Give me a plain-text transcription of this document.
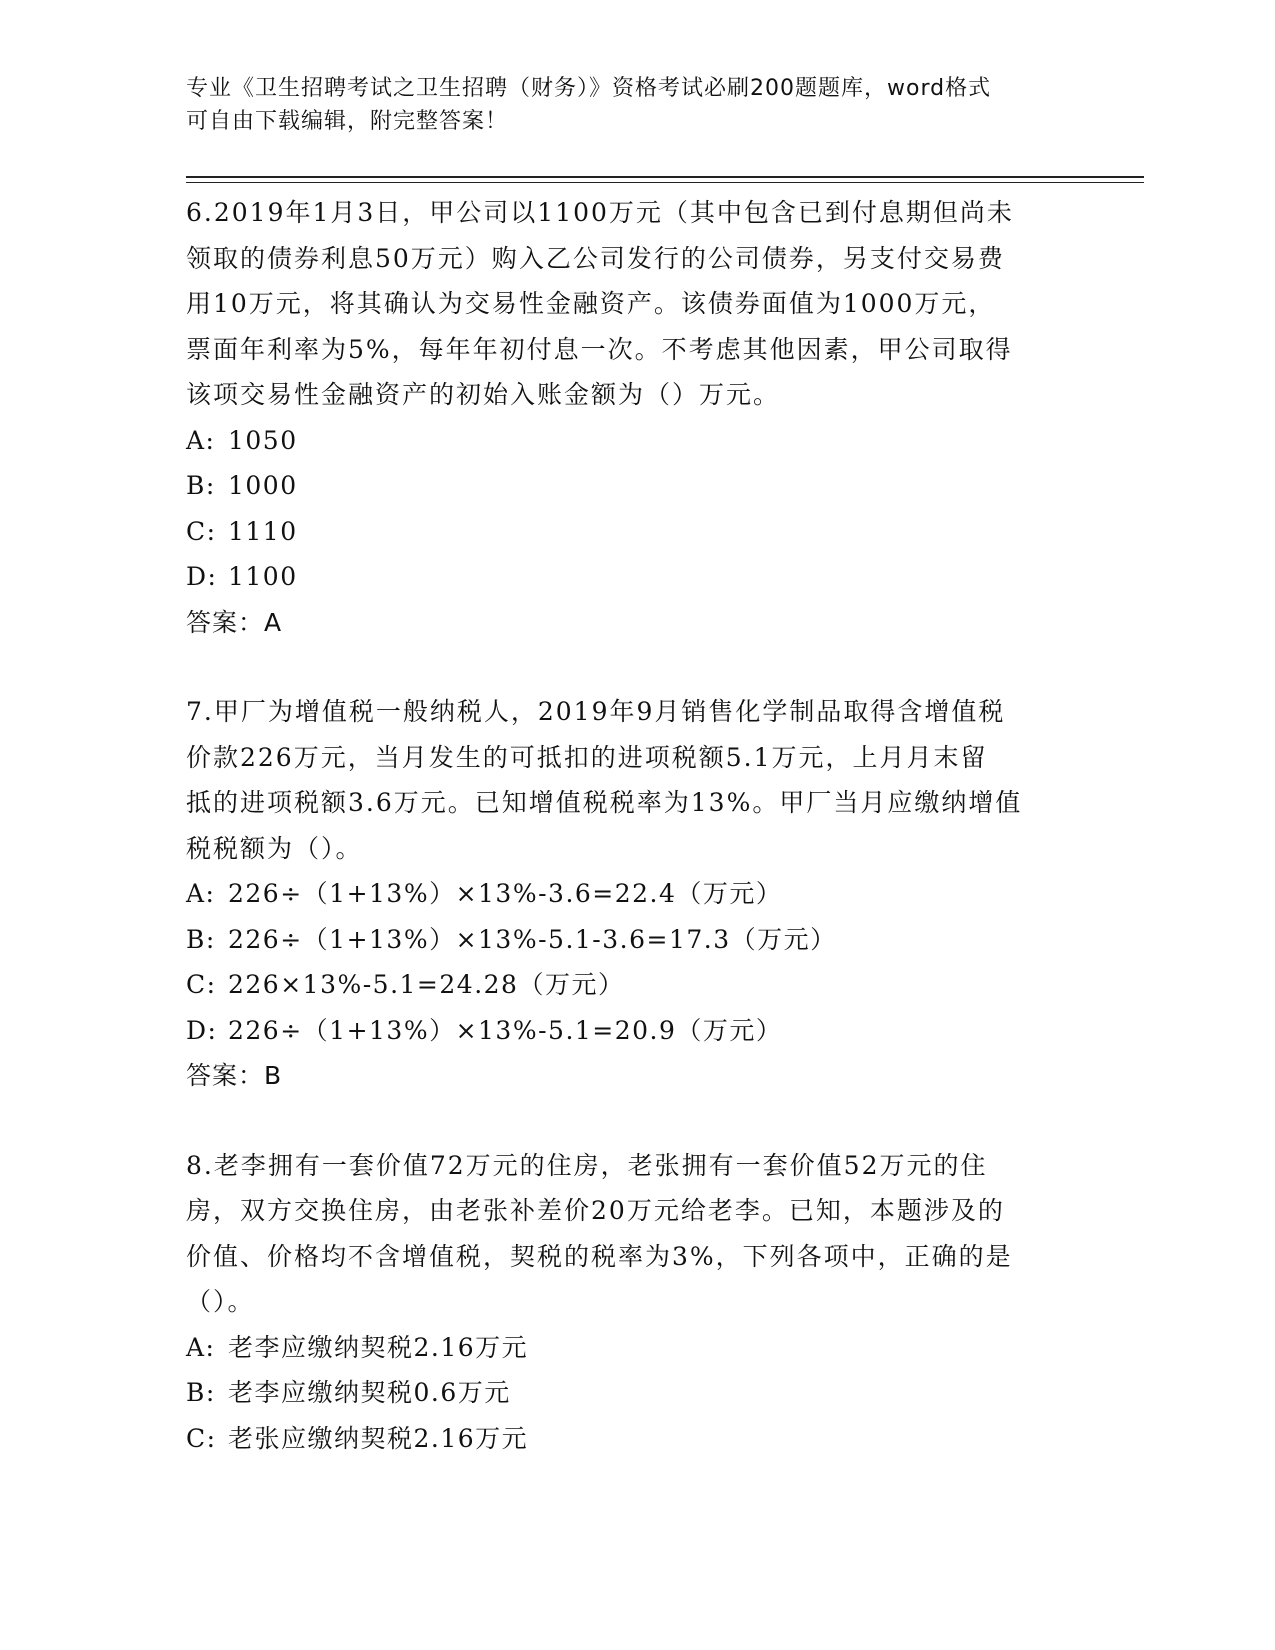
专业《卫生招聘考试之卫生招聘（财务）》资格考试必刷200题题库，word格式
可自由下载编辑，附完整答案！
6.2019年1月3日，甲公司以1100万元（其中包含已到付息期但尚未
领取的债券利息50万元）购入乙公司发行的公司债券，另支付交易费
用10万元，将其确认为交易性金融资产。该债券面值为1000万元，
票面年利率为5%，每年年初付息一次。不考虑其他因素，甲公司取得
该项交易性金融资产的初始入账金额为（）万元。
A: 1050
B: 1000
C: 1110
D: 1100
答案：A
7.甲厂为增值税一般纳税人，2019年9月销售化学制品取得含增值税
价款226万元，当月发生的可抵扣的进项税额5.1万元，上月月末留
抵的进项税额3.6万元。已知增值税税率为13%。甲厂当月应缴纳增值
税税额为（）。
A: 226÷（1+13%）×13%-3.6=22.4（万元）
B: 226÷（1+13%）×13%-5.1-3.6=17.3（万元）
C: 226×13%-5.1=24.28（万元）
D: 226÷（1+13%）×13%-5.1=20.9（万元）
答案：B
8.老李拥有一套价值72万元的住房，老张拥有一套价值52万元的住
房，双方交换住房，由老张补差价20万元给老李。已知，本题涉及的
价值、价格均不含增值税，契税的税率为3%，下列各项中，正确的是
（）。
A: 老李应缴纳契税2.16万元
B: 老李应缴纳契税0.6万元
C: 老张应缴纳契税2.16万元
